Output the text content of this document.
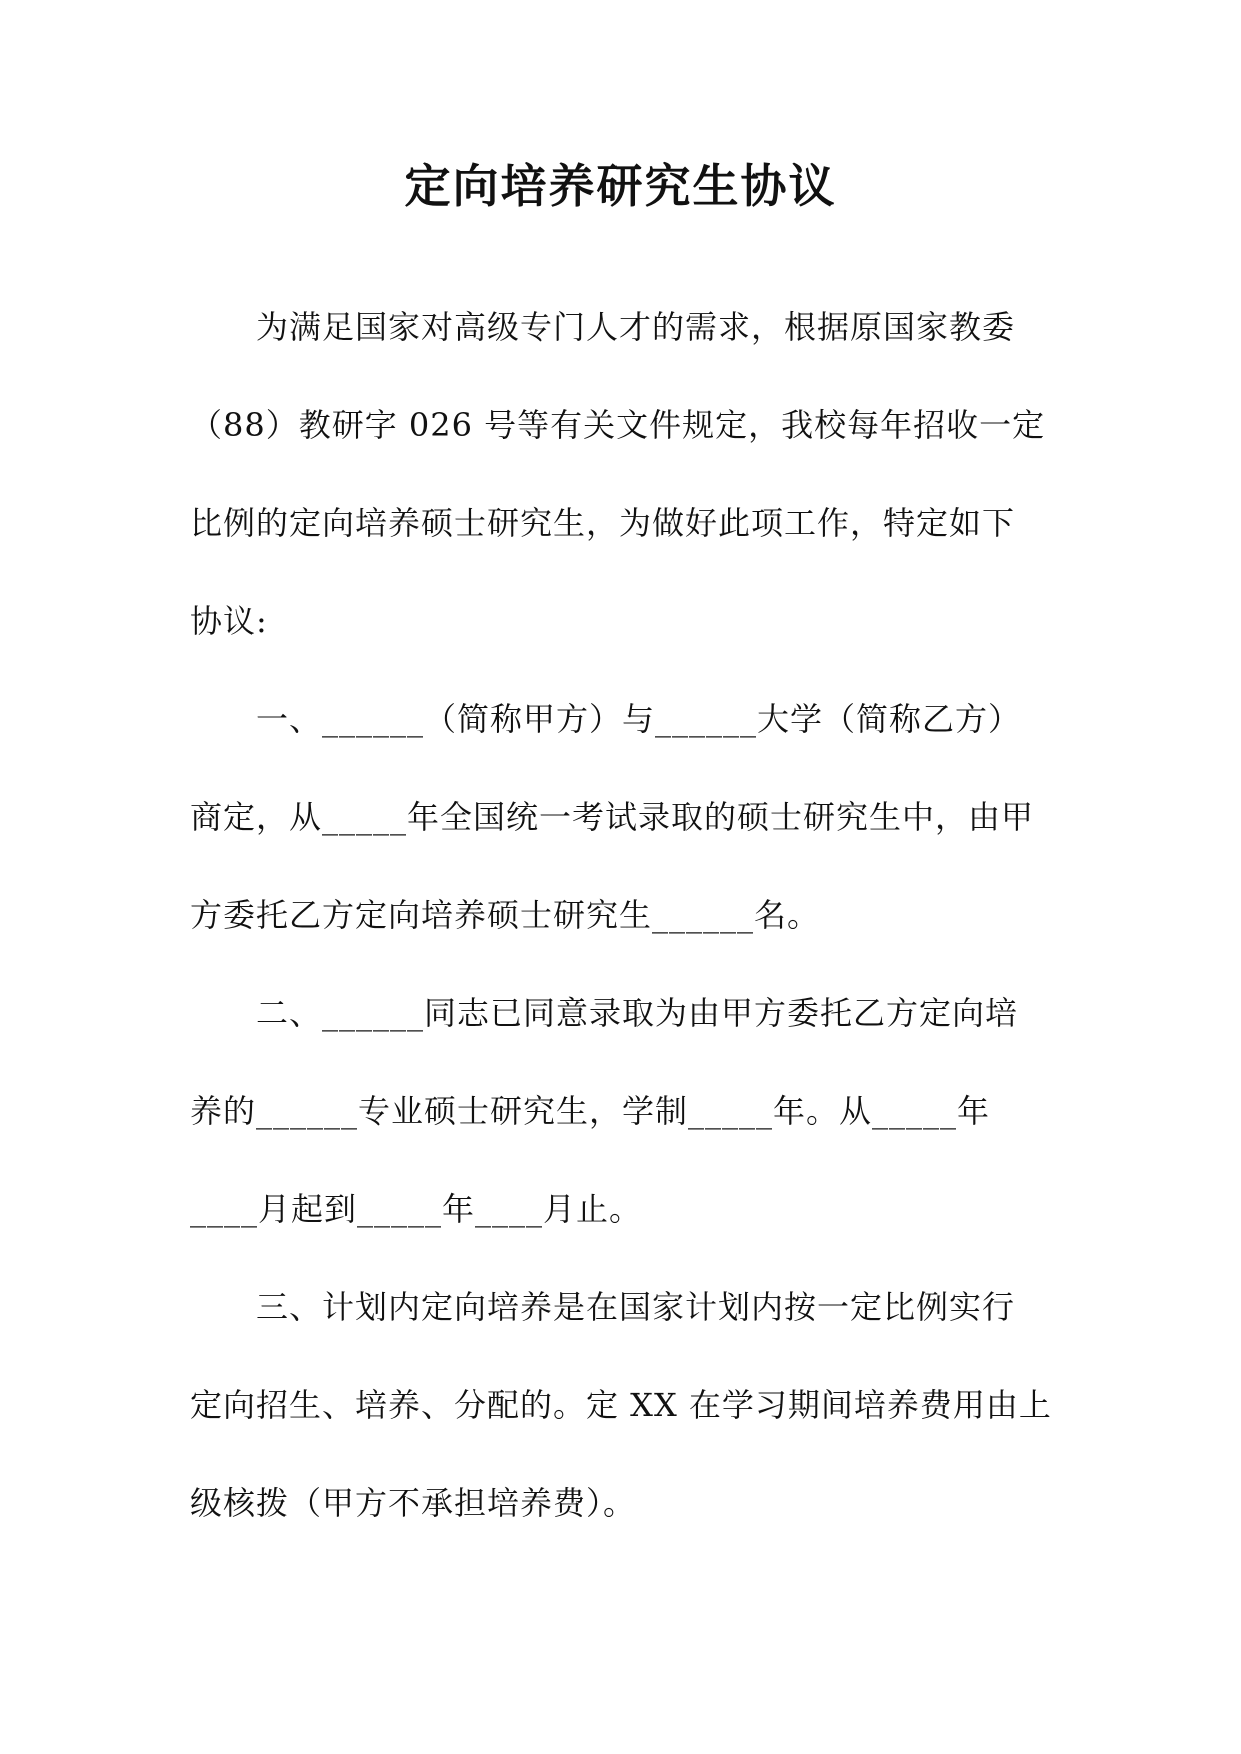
定向培养研究生协议
为满足国家对高级专门人才的需求，根据原国家教委
（88）教研字 026 号等有关文件规定，我校每年招收一定
比例的定向培养硕士研究生，为做好此项工作，特定如下
协议:
一、______（简称甲方）与______大学（简称乙方）
商定，从_____年全国统一考试录取的硕士研究生中，由甲
方委托乙方定向培养硕士研究生______名。
二、______同志已同意录取为由甲方委托乙方定向培
养的______专业硕士研究生，学制_____年。从_____年
____月起到_____年____月止。
三、计划内定向培养是在国家计划内按一定比例实行
定向招生、培养、分配的。定 XX 在学习期间培养费用由上
级核拨（甲方不承担培养费）。
